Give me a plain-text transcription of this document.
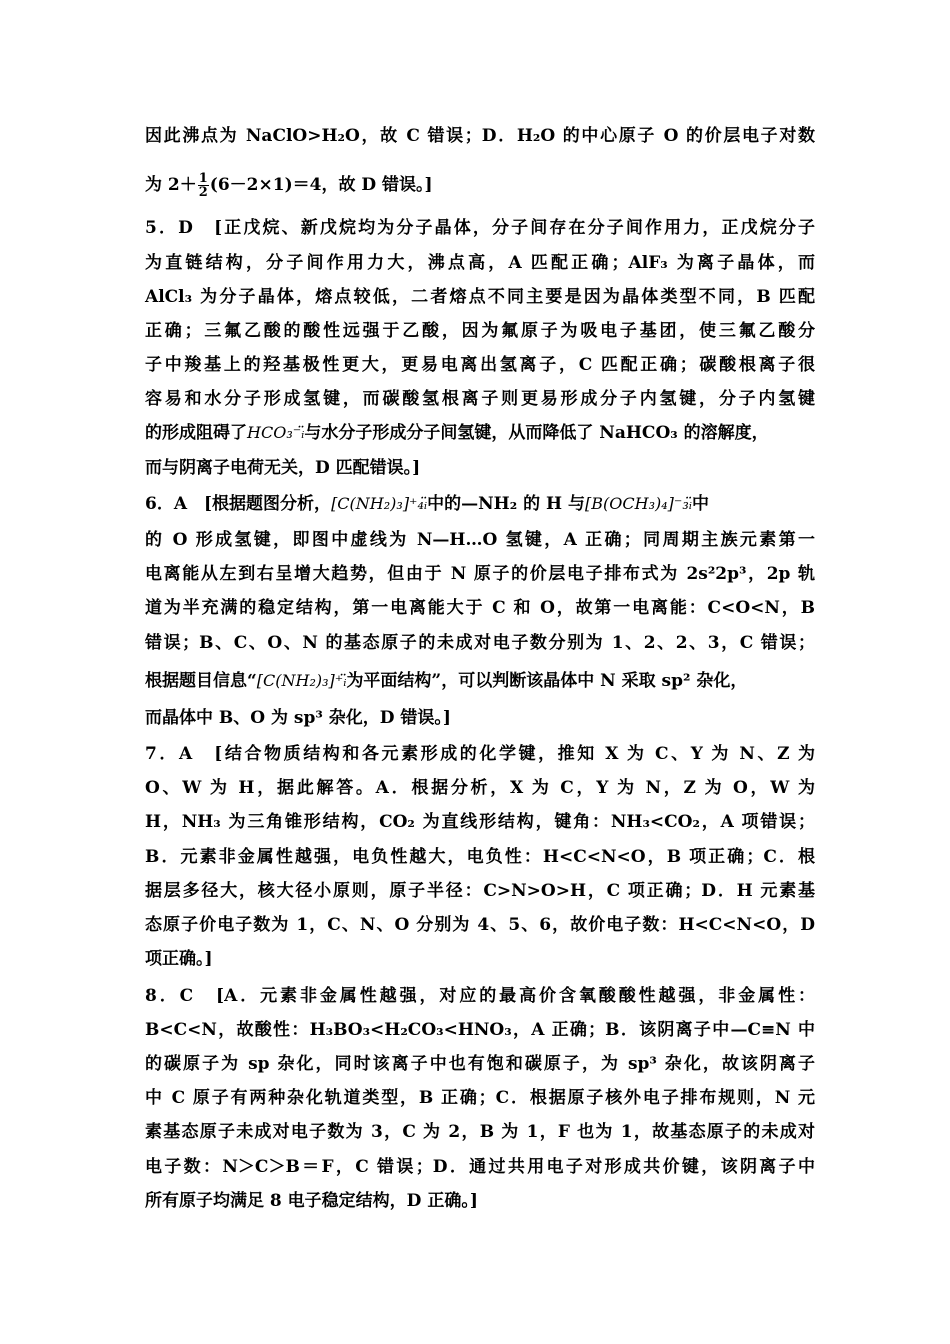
因此沸点为 NaClO>H₂O，故 C 错误；D．H₂O 的中心原子 O 的价层电子对数
为 $2+ \frac{1}{2} (6-2\times 1)=4$，故 D 错误。]
5．D　[正戊烷、新戊烷均为分子晶体，分子间存在分子间作用力，正戊烷分子
为直链结构，分子间作用力大，沸点高，A 匹配正确；AlF₃ 为离子晶体，而
AlCl₃ 为分子晶体，熔点较低，二者熔点不同主要是因为晶体类型不同，B 匹配
正确；三氟乙酸的酸性远强于乙酸，因为氟原子为吸电子基团，使三氟乙酸分
子中羧基上的羟基极性更大，更易电离出氢离子，C 匹配正确；碳酸根离子很
容易和水分子形成氢键，而碳酸氢根离子则更易形成分子内氢键，分子内氢键
的形成阻碍了HCO₃⁻ᵢ̈与水分子形成分子间氢键，从而降低了 NaHCO₃ 的溶解度，
而与阴离子电荷无关，D 匹配错误。]
6．A　[根据题图分析，[C(NH₂)₃]⁺₄ᵢ̈中的—NH₂ 的 H 与[B(OCH₃)₄]⁻₃ᵢ̈中
的 O 形成氢键，即图中虚线为 N—H…O 氢键，A 正确；同周期主族元素第一
电离能从左到右呈增大趋势，但由于 N 原子的价层电子排布式为 2s²2p³，2p 轨
道为半充满的稳定结构，第一电离能大于 C 和 O，故第一电离能：C<O<N，B
错误；B、C、O、N 的基态原子的未成对电子数分别为 1、2、2、3，C 错误；
根据题目信息“[C(NH₂)₃]⁺ᵢ̈为平面结构”，可以判断该晶体中 N 采取 sp² 杂化，
而晶体中 B、O 为 sp³ 杂化，D 错误。]
7．A　[结合物质结构和各元素形成的化学键，推知 X 为 C、Y 为 N、Z 为
O、W 为 H，据此解答。A．根据分析，X 为 C，Y 为 N，Z 为 O，W 为
H，NH₃ 为三角锥形结构，CO₂ 为直线形结构，键角：NH₃<CO₂，A 项错误；
B．元素非金属性越强，电负性越大，电负性：H<C<N<O，B 项正确；C．根
据层多径大，核大径小原则，原子半径：C>N>O>H，C 项正确；D．H 元素基
态原子价电子数为 1，C、N、O 分别为 4、5、6，故价电子数：H<C<N<O，D
项正确。]
8．C　[A．元素非金属性越强，对应的最高价含氧酸酸性越强，非金属性：
B<C<N，故酸性：H₃BO₃<H₂CO₃<HNO₃，A 正确；B．该阴离子中—C≡N 中
的碳原子为 sp 杂化，同时该离子中也有饱和碳原子，为 sp³ 杂化，故该阴离子
中 C 原子有两种杂化轨道类型，B 正确；C．根据原子核外电子排布规则，N 元
素基态原子未成对电子数为 3，C 为 2，B 为 1，F 也为 1，故基态原子的未成对
电子数：N＞C＞B＝F，C 错误；D．通过共用电子对形成共价键，该阴离子中
所有原子均满足 8 电子稳定结构，D 正确。]
